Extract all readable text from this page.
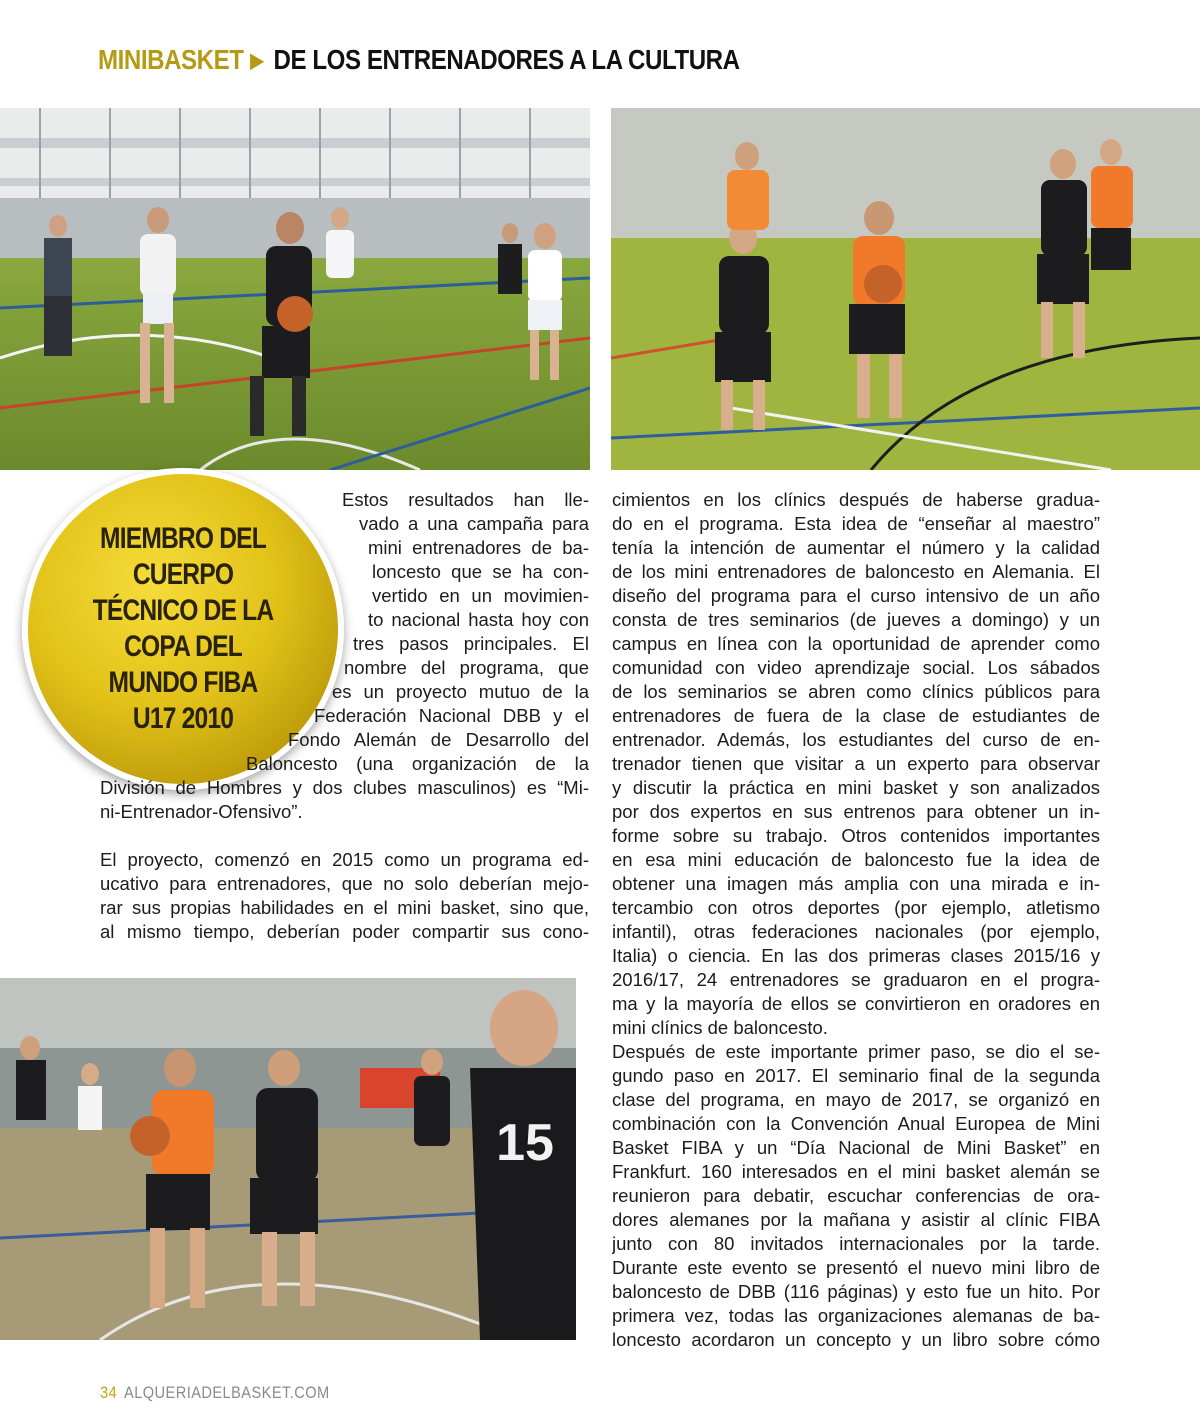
MINIBASKET ▶ DE LOS ENTRENADORES A LA CULTURA
15
MIEMBRO DEL CUERPO TÉCNICO DE LA COPA DEL MUNDO FIBA U17 2010
Estos resultados han lle-
vado a una campaña para
mini entrenadores de ba-
loncesto que se ha con-
vertido en un movimien-
to nacional hasta hoy con
tres pasos principales. El
nombre del programa, que
es un proyecto mutuo de la
Federación Nacional DBB y el
Fondo Alemán de Desarrollo del
Baloncesto (una organización de la
División de Hombres y dos clubes masculinos) es “Mi-
ni-Entrenador-Ofensivo”.
El proyecto, comenzó en 2015 como un programa ed-
ucativo para entrenadores, que no solo deberían mejo-
rar sus propias habilidades en el mini basket, sino que,
al mismo tiempo, deberían poder compartir sus cono-
cimientos en los clínics después de haberse gradua-
do en el programa. Esta idea de “enseñar al maestro”
tenía la intención de aumentar el número y la calidad
de los mini entrenadores de baloncesto en Alemania. El
diseño del programa para el curso intensivo de un año
consta de tres seminarios (de jueves a domingo) y un
campus en línea con la oportunidad de aprender como
comunidad con video aprendizaje social. Los sábados
de los seminarios se abren como clínics públicos para
entrenadores de fuera de la clase de estudiantes de
entrenador. Además, los estudiantes del curso de en-
trenador tienen que visitar a un experto para observar
y discutir la práctica en mini basket y son analizados
por dos expertos en sus entrenos para obtener un in-
forme sobre su trabajo. Otros contenidos importantes
en esa mini educación de baloncesto fue la idea de
obtener una imagen más amplia con una mirada e in-
tercambio con otros deportes (por ejemplo, atletismo
infantil), otras federaciones nacionales (por ejemplo,
Italia) o ciencia. En las dos primeras clases 2015/16 y
2016/17, 24 entrenadores se graduaron en el progra-
ma y la mayoría de ellos se convirtieron en oradores en
mini clínics de baloncesto.
Después de este importante primer paso, se dio el se-
gundo paso en 2017. El seminario final de la segunda
clase del programa, en mayo de 2017, se organizó en
combinación con la Convención Anual Europea de Mini
Basket FIBA y un “Día Nacional de Mini Basket” en
Frankfurt. 160 interesados en el mini basket alemán se
reunieron para debatir, escuchar conferencias de ora-
dores alemanes por la mañana y asistir al clínic FIBA
junto con 80 invitados internacionales por la tarde.
Durante este evento se presentó el nuevo mini libro de
baloncesto de DBB (116 páginas) y esto fue un hito. Por
primera vez, todas las organizaciones alemanas de ba-
loncesto acordaron un concepto y un libro sobre cómo
34 ALQUERIADELBASKET.COM
